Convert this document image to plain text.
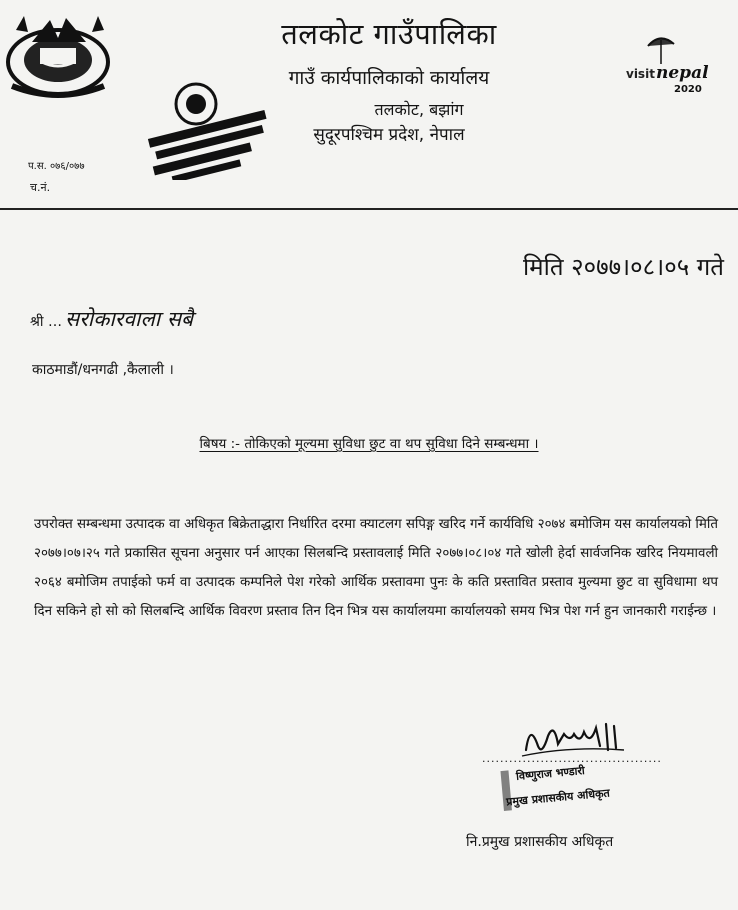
visit nepal
2020
तलकोट गाउँपालिका
गाउँ कार्यपालिकाको कार्यालय
तलकोट, बझांग
सुदूरपश्चिम प्रदेश, नेपाल
प.स. ०७६/०७७
च.नं.
मिति २०७७।०८।०५ गते
श्री …सरोकारवाला सबै
काठमाडौं/धनगढी ,कैलाली ।
बिषय :- तोकिएको मूल्यमा सुविधा छुट वा थप सुविधा दिने सम्बन्धमा ।
उपरोक्त सम्बन्धमा उत्पादक वा अधिकृत बिक्रेताद्धारा निर्धारित दरमा क्याटलग सपिङ्ग खरिद गर्ने कार्यविधि २०७४ बमोजिम यस कार्यालयको मिति २०७७।०७।२५ गते प्रकासित सूचना अनुसार पर्न आएका सिलबन्दि प्रस्तावलाई मिति २०७७।०८।०४ गते खोली हेर्दा सार्वजनिक खरिद नियमावली २०६४ बमोजिम तपाईको फर्म वा उत्पादक कम्पनिले पेश गरेको आर्थिक प्रस्तावमा पुनः के कति प्रस्तावित प्रस्ताव मुल्यमा छुट वा सुविधामा थप दिन सकिने हो सो को सिलबन्दि आर्थिक विवरण प्रस्ताव तिन दिन भित्र यस कार्यालयमा कार्यालयको समय भित्र पेश गर्न हुन जानकारी गराईन्छ ।
........................................
विष्णुराज भण्डारी
प्रमुख प्रशासकीय अधिकृत
नि.प्रमुख प्रशासकीय अधिकृत
